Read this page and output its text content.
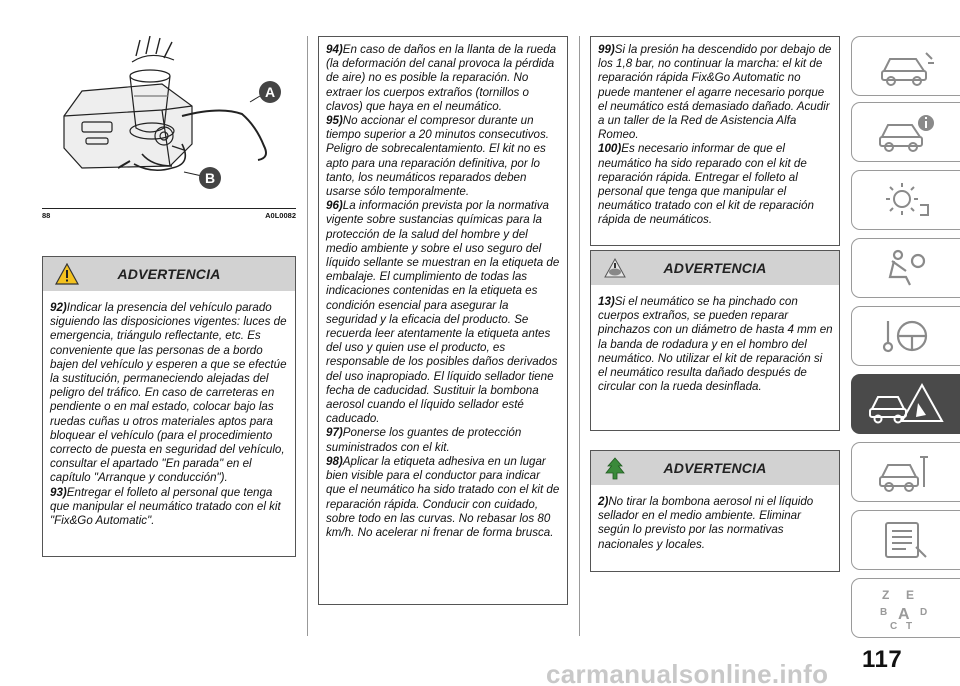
A
B
88	A0L0082
ADVERTENCIA

92)Indicar la presencia del vehículo parado siguiendo las disposiciones vigentes: luces de emergencia, triángulo reflectante, etc. Es conveniente que las personas de a bordo bajen del vehículo y esperen a que se efectúe la sustitución, permaneciendo alejadas del peligro del tráfico. En caso de carreteras en pendiente o en mal estado, colocar bajo las ruedas cuñas u otros materiales aptos para bloquear el vehículo (para el procedimiento correcto de puesta en seguridad del vehículo, consultar el apartado "En parada" en el capítulo "Arranque y conducción").

93)Entregar el folleto al personal que tenga que manipular el neumático tratado con el kit "Fix&Go Automatic".

94)En caso de daños en la llanta de la rueda (la deformación del canal provoca la pérdida de aire) no es posible la reparación. No extraer los cuerpos extraños (tornillos o clavos) que haya en el neumático.

95)No accionar el compresor durante un tiempo superior a 20 minutos consecutivos. Peligro de sobrecalentamiento. El kit no es apto para una reparación definitiva, por lo tanto, los neumáticos reparados deben usarse sólo temporalmente.

96)La información prevista por la normativa vigente sobre sustancias químicas para la protección de la salud del hombre y del medio ambiente y sobre el uso seguro del líquido sellante se muestran en la etiqueta de embalaje. El cumplimiento de todas las indicaciones contenidas en la etiqueta es condición esencial para asegurar la seguridad y la eficacia del producto. Se recuerda leer atentamente la etiqueta antes del uso y quien use el producto, es responsable de los posibles daños derivados del uso inapropiado. El líquido sellador tiene fecha de caducidad. Sustituir la bombona aerosol cuando el líquido sellador esté caducado.

97)Ponerse los guantes de protección suministrados con el kit.

98)Aplicar la etiqueta adhesiva en un lugar bien visible para el conductor para indicar que el neumático ha sido tratado con el kit de reparación rápida. Conducir con cuidado, sobre todo en las curvas. No rebasar los 80 km/h. No acelerar ni frenar de forma brusca.

99)Si la presión ha descendido por debajo de los 1,8 bar, no continuar la marcha: el kit de reparación rápida Fix&Go Automatic no puede mantener el agarre necesario porque el neumático está demasiado dañado. Acudir a un taller de la Red de Asistencia Alfa Romeo.

100)Es necesario informar de que el neumático ha sido reparado con el kit de reparación rápida. Entregar el folleto al personal que tenga que manipular el neumático tratado con el kit de reparación rápida de neumáticos.

ADVERTENCIA

13)Si el neumático se ha pinchado con cuerpos extraños, se pueden reparar pinchazos con un diámetro de hasta 4 mm en la banda de rodadura y en el hombro del neumático. No utilizar el kit de reparación si el neumático resulta dañado después de circular con la rueda desinflada.

ADVERTENCIA

2)No tirar la bombona aerosol ni el líquido sellador en el medio ambiente. Eliminar según lo previsto por las normativas nacionales y locales.

Z E
B A D
C T
117
carmanualsonline.info
